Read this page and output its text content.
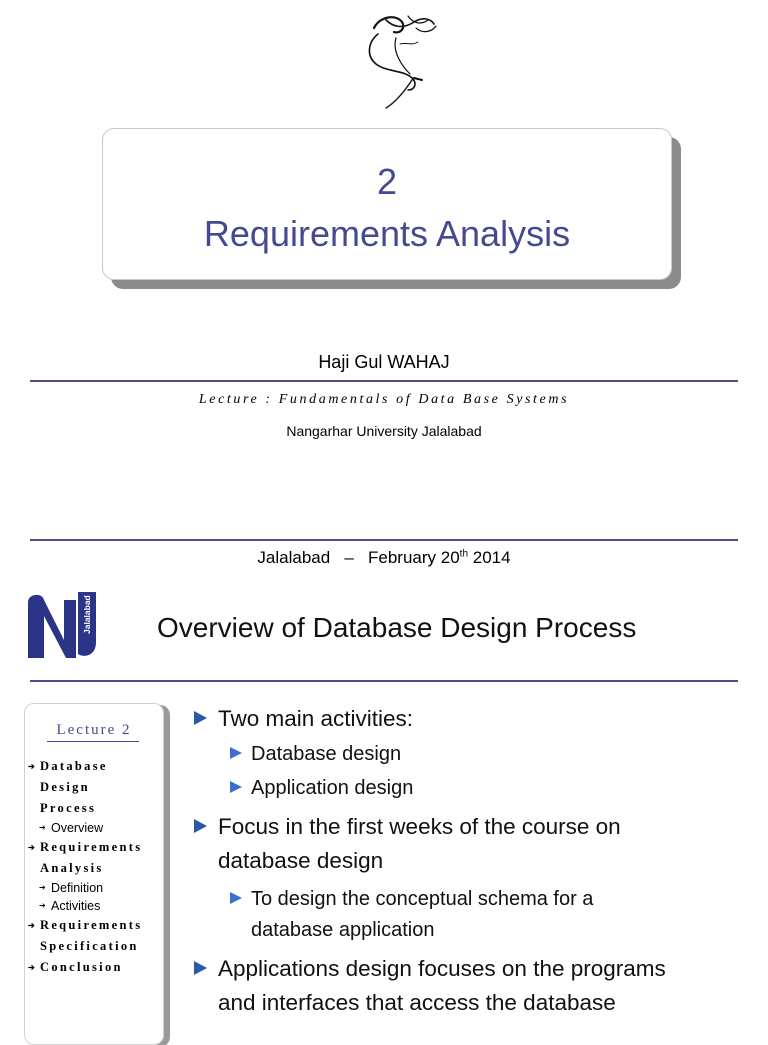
2
Requirements Analysis
Haji Gul WAHAJ
Lecture : Fundamentals of Data Base Systems
Nangarhar University Jalalabad
Jalalabad – February 20th 2014
Jalalabad Overview of Database Design Process
Lecture 2
➔ Database
Design
Process
➔ Overview
➔ Requirements
Analysis
➔ Definition
➔ Activities
➔ Requirements
Specification
➔ Conclusion
Two main activities:
Database design
Application design
Focus in the first weeks of the course on
database design
To design the conceptual schema for a
database application
Applications design focuses on the programs
and interfaces that access the database
